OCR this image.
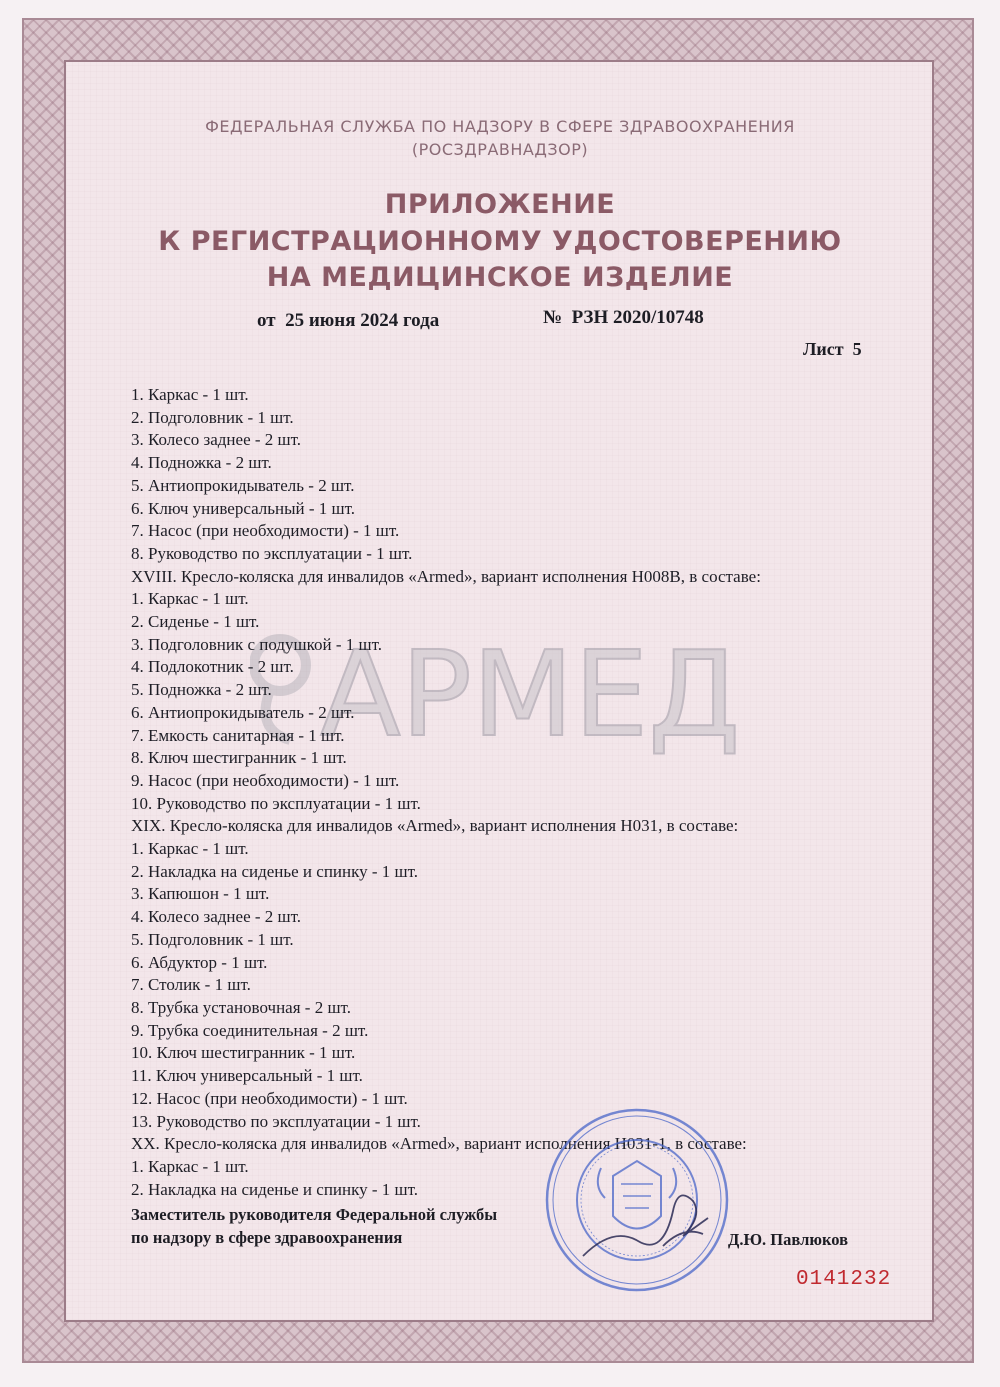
ФЕДЕРАЛЬНАЯ СЛУЖБА ПО НАДЗОРУ В СФЕРЕ ЗДРАВООХРАНЕНИЯ
(РОСЗДРАВНАДЗОР)
ПРИЛОЖЕНИЕ
К РЕГИСТРАЦИОННОМУ УДОСТОВЕРЕНИЮ
НА МЕДИЦИНСКОЕ ИЗДЕЛИЕ
от  25 июня 2024 года	№  РЗН 2020/10748
Лист  5
АРМЕД
1. Каркас - 1 шт.
2. Подголовник - 1 шт.
3. Колесо заднее - 2 шт.
4. Подножка - 2 шт.
5. Антиопрокидыватель - 2 шт.
6. Ключ универсальный - 1 шт.
7. Насос (при необходимости) - 1 шт.
8. Руководство по эксплуатации - 1 шт.
XVIII. Кресло-коляска для инвалидов «Armed», вариант исполнения Н008В, в составе:
1. Каркас - 1 шт.
2. Сиденье - 1 шт.
3. Подголовник с подушкой - 1 шт.
4. Подлокотник - 2 шт.
5. Подножка - 2 шт.
6. Антиопрокидыватель - 2 шт.
7. Емкость санитарная - 1 шт.
8. Ключ шестигранник - 1 шт.
9. Насос (при необходимости) - 1 шт.
10. Руководство по эксплуатации - 1 шт.
XIX. Кресло-коляска для инвалидов «Armed», вариант исполнения Н031, в составе:
1. Каркас - 1 шт.
2. Накладка на сиденье и спинку - 1 шт.
3. Капюшон - 1 шт.
4. Колесо заднее - 2 шт.
5. Подголовник - 1 шт.
6. Абдуктор - 1 шт.
7. Столик - 1 шт.
8. Трубка установочная - 2 шт.
9. Трубка соединительная - 2 шт.
10. Ключ шестигранник - 1 шт.
11. Ключ универсальный - 1 шт.
12. Насос (при необходимости) - 1 шт.
13. Руководство по эксплуатации - 1 шт.
XX. Кресло-коляска для инвалидов «Armed», вариант исполнения Н031-1, в составе:
1. Каркас - 1 шт.
2. Накладка на сиденье и спинку - 1 шт.
Заместитель руководителя Федеральной службы
по надзору в сфере здравоохранения	Д.Ю. Павлюков
0141232
